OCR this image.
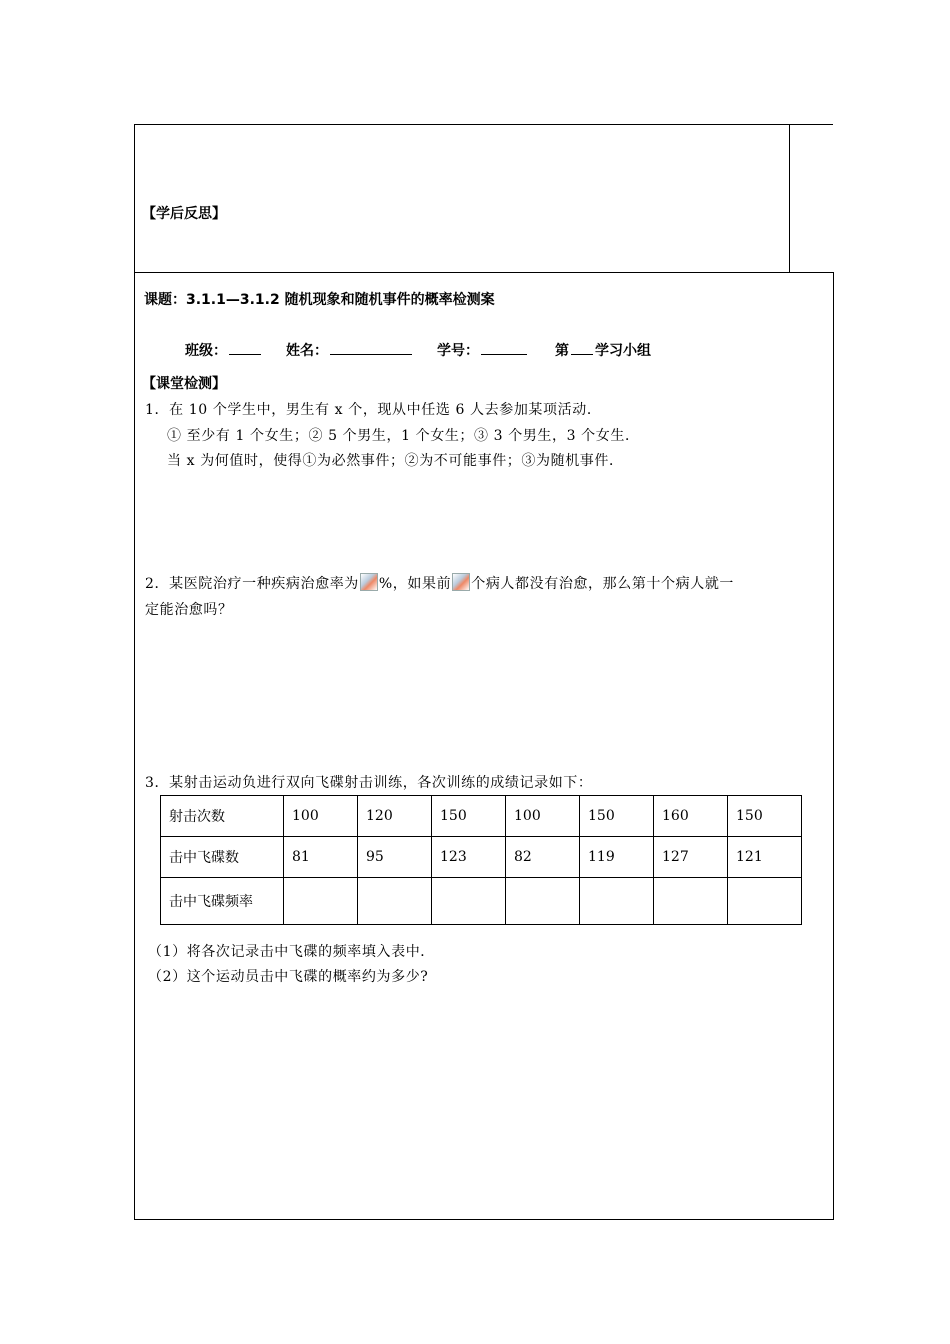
【学后反思】
课题：3.1.1—3.1.2 随机现象和随机事件的概率检测案
班级：	姓名：	学号：	第 学习小组
【课堂检测】
1．在 10 个学生中，男生有 x 个，现从中任选 6 人去参加某项活动．
① 至少有 1 个女生；② 5 个男生，1 个女生；③ 3 个男生，3 个女生．
当 x 为何值时，使得①为必然事件；②为不可能事件；③为随机事件．
2．某医院治疗一种疾病治愈率为 %，如果前 个病人都没有治愈，那么第十个病人就一
定能治愈吗？
3．某射击运动负进行双向飞碟射击训练，各次训练的成绩记录如下：
射击次数	100	120	150	100	150	160	150
击中飞碟数	81	95	123	82	119	127	121
击中飞碟频率							
（1）将各次记录击中飞碟的频率填入表中．
（2）这个运动员击中飞碟的概率约为多少?
